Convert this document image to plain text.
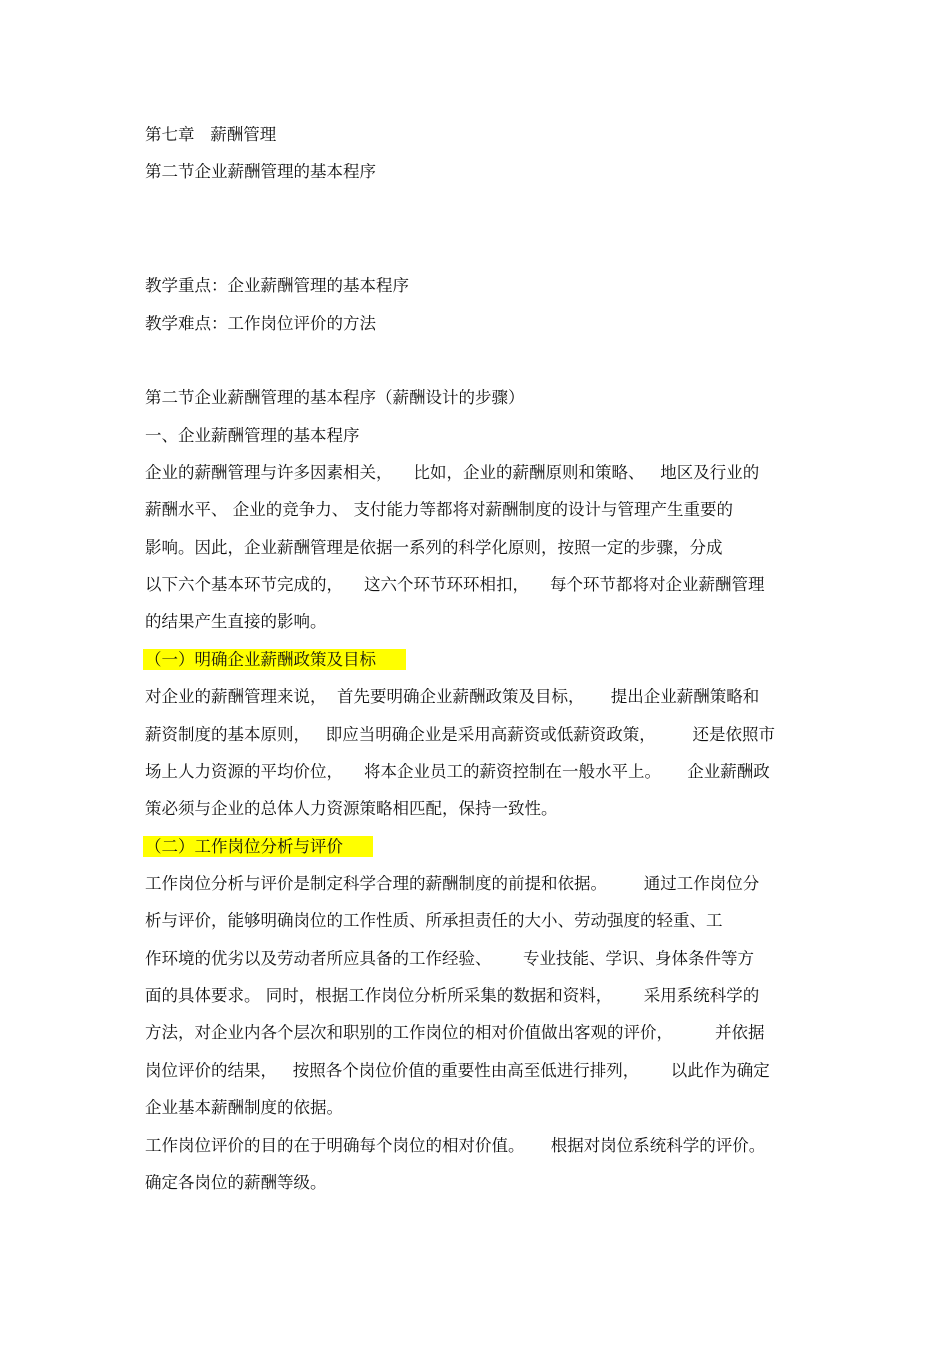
第七章   薪酬管理
第二节企业薪酬管理的基本程序
教学重点：企业薪酬管理的基本程序
教学难点：工作岗位评价的方法
第二节企业薪酬管理的基本程序（薪酬设计的步骤）
一、企业薪酬管理的基本程序
企业的薪酬管理与许多因素相关，    比如，企业的薪酬原则和策略、   地区及行业的
薪酬水平、 企业的竞争力、 支付能力等都将对薪酬制度的设计与管理产生重要的
影响。因此，企业薪酬管理是依据一系列的科学化原则，按照一定的步骤，分成
以下六个基本环节完成的，    这六个环节环环相扣，    每个环节都将对企业薪酬管理
的结果产生直接的影响。
（一）明确企业薪酬政策及目标
对企业的薪酬管理来说，  首先要明确企业薪酬政策及目标，     提出企业薪酬策略和
薪资制度的基本原则，   即应当明确企业是采用高薪资或低薪资政策，       还是依照市
场上人力资源的平均价位，    将本企业员工的薪资控制在一般水平上。     企业薪酬政
策必须与企业的总体人力资源策略相匹配，保持一致性。
（二）工作岗位分析与评价
工作岗位分析与评价是制定科学合理的薪酬制度的前提和依据。       通过工作岗位分
析与评价，能够明确岗位的工作性质、所承担责任的大小、劳动强度的轻重、工
作环境的优劣以及劳动者所应具备的工作经验、      专业技能、学识、身体条件等方
面的具体要求。 同时，根据工作岗位分析所采集的数据和资料，      采用系统科学的
方法，对企业内各个层次和职别的工作岗位的相对价值做出客观的评价，        并依据
岗位评价的结果，   按照各个岗位价值的重要性由高至低进行排列，      以此作为确定
企业基本薪酬制度的依据。
工作岗位评价的目的在于明确每个岗位的相对价值。     根据对岗位系统科学的评价。
确定各岗位的薪酬等级。
